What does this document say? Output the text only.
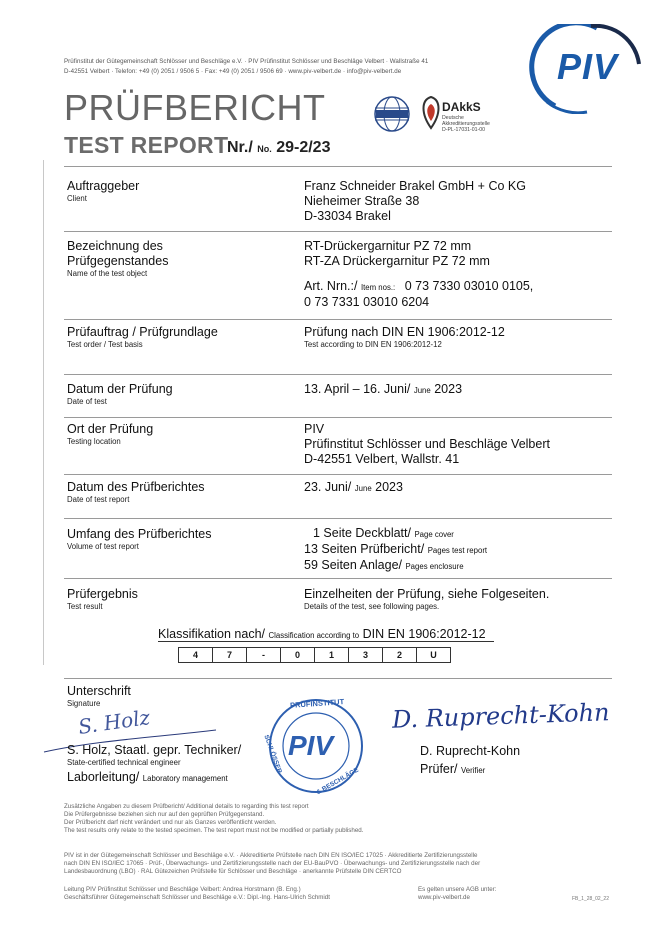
Prüfinstitut der Gütegemeinschaft Schlösser und Beschläge e.V. · PIV Prüfinstitut Schlösser und Beschläge Velbert · Wallstraße 41
D-42551 Velbert · Telefon: +49 (0) 2051 / 9506 5 · Fax: +49 (0) 2051 / 9506 69 · www.piv-velbert.de · info@piv-velbert.de	PIV
DAkkS
Deutsche
Akkreditierungsstelle
D-PL-17031-01-00
PRÜFBERICHT
TEST REPORT
Nr./ No. 29-2/23
Auftraggeber
Client
Franz Schneider Brakel GmbH + Co KG
Nieheimer Straße 38
D-33034 Brakel
Bezeichnung des
Prüfgegenstandes
Name of the test object
RT-Drückergarnitur PZ 72 mm
RT-ZA Drückergarnitur PZ 72 mm
Art. Nrn.:/ Item nos.: 0 73 7330 03010 0105,
0 73 7331 03010 6204
Prüfauftrag / Prüfgrundlage
Test order / Test basis
Prüfung nach DIN EN 1906:2012-12
Test according to DIN EN 1906:2012-12
Datum der Prüfung
Date of test
13. April – 16. Juni/ June 2023
Ort der Prüfung
Testing location
PIV
Prüfinstitut Schlösser und Beschläge Velbert
D-42551 Velbert, Wallstr. 41
Datum des Prüfberichtes
Date of test report
23. Juni/ June 2023
Umfang des Prüfberichtes
Volume of test report
1 Seite Deckblatt/ Page cover
13 Seiten Prüfbericht/ Pages test report
59 Seiten Anlage/ Pages enclosure
Prüfergebnis
Test result
Einzelheiten der Prüfung, siehe Folgeseiten.
Details of the test, see following pages.
Klassifikation nach/ Classification according to DIN EN 1906:2012-12
4	7	-	0	1	3	2	U
Unterschrift
Signature
S. Holz
S. Holz, Staatl. gepr. Techniker/
State-certified technical engineer
Laborleitung/ Laboratory management
PRÜFINSTITUT
SCHLÖSSER
& BESCHLÄGE
PIV
D. Ruprecht-Kohn
D. Ruprecht-Kohn
Prüfer/ Verifier
Zusätzliche Angaben zu diesem Prüfbericht/ Additional details to regarding this test report
Die Prüfergebnisse beziehen sich nur auf den geprüften Prüfgegenstand.
Der Prüfbericht darf nicht verändert und nur als Ganzes veröffentlicht werden.
The test results only relate to the tested specimen. The test report must not be modified or partially published.
PIV ist in der Gütegemeinschaft Schlösser und Beschläge e.V. · Akkreditierte Prüfstelle nach DIN EN ISO/IEC 17025 · Akkreditierte Zertifizierungsstelle
nach DIN EN ISO/IEC 17065 · Prüf-, Überwachungs- und Zertifizierungsstelle nach der EU-BauPVO · Überwachungs- und Zertifizierungsstelle nach der
Landesbauordnung (LBO) · RAL Gütezeichen Prüfstelle für Schlösser und Beschläge · anerkannte Prüfstelle DIN CERTCO
Leitung PIV Prüfinstitut Schlösser und Beschläge Velbert: Andrea Horstmann (B. Eng.)
Geschäftsführer Gütegemeinschaft Schlösser und Beschläge e.V.: Dipl.-Ing. Hans-Ulrich Schmidt
Es gelten unsere AGB unter:
www.piv-velbert.de	FB_1_28_02_22
